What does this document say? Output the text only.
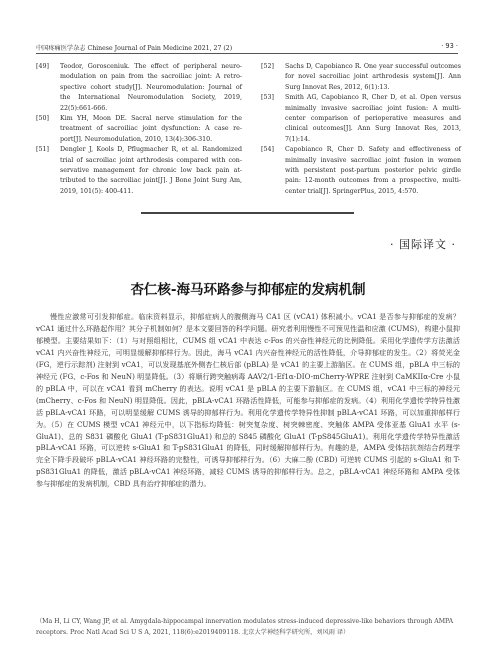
中国疼痛医学杂志 Chinese Journal of Pain Medicine 2021, 27 (2)	· 93 ·
[49]	Teodor, Gorosceniuk. The effect of peripheral neuro-modulation on pain from the sacroiliac joint: A retro-spective cohort study[J]. Neuromodulation: Journal of the International Neuromodulation Society, 2019, 22(5):661-666.
[50]	Kim YH, Moon DE. Sacral nerve stimulation for the treatment of sacroiliac joint dysfunction: A case re-port[J]. Neuromodulation, 2010, 13(4):306-310.
[51]	Dengler J, Kools D, Pflugmacher R, et al. Randomized trial of sacroiliac joint arthrodesis compared with con-servative management for chronic low back pain at-tributed to the sacroiliac joint[J]. J Bone Joint Surg Am, 2019, 101(5): 400-411.
[52]	Sachs D, Capobianco R. One year successful outcomes for novel sacroiliac joint arthrodesis system[J]. Ann Surg Innovat Res, 2012, 6(1):13.
[53]	Smith AG, Capobianco R, Cher D, et al. Open versus minimally invasive sacroiliac joint fusion: A multi-center comparison of perioperative measures and clinical outcomes[J]. Ann Surg Innovat Res, 2013, 7(1):14.
[54]	Capobianco R, Cher D. Safety and effectiveness of minimally invasive sacroiliac joint fusion in women with persistent post-partum posterior pelvic girdle pain: 12-month outcomes from a prospective, multi-center trial[J]. SpringerPlus, 2015, 4:570.
· 国际译文 ·
杏仁核-海马环路参与抑郁症的发病机制
慢性应激常可引发抑郁症。临床资料显示，抑郁症病人的腹侧海马 CA1 区 (vCA1) 体积减小。vCA1 是否参与抑郁症的发病？vCA1 通过什么环路起作用？其分子机制如何？是本文要回答的科学问题。研究者利用慢性不可预见性温和应激 (CUMS)，构建小鼠抑郁模型。主要结果如下：（1）与对照组相比，CUMS 组 vCA1 中表达 c-Fos 的兴奋性神经元的比例降低。采用化学遗传学方法激活 vCA1 内兴奋性神经元，可明显缓解抑郁样行为。因此，海马 vCA1 内兴奋性神经元的活性降低，介导抑郁症的发生。（2）将荧光金 (FG，逆行示踪剂) 注射到 vCA1，可以发现基底外侧杏仁核后部 (pBLA) 是 vCA1 的主要上游脑区。在 CUMS 组，pBLA 中三标的神经元 (FG、c-Fos 和 NeuN) 明显降低。（3）将顺行跨突触病毒 AAV2/1-Ef1α-DIO-mCherry-WPRE 注射到 CaMKIIα-Cre 小鼠的 pBLA 中，可以在 vCA1 看到 mCherry 的表达。说明 vCA1 是 pBLA 的主要下游脑区。在 CUMS 组，vCA1 中三标的神经元 (mCherry、c-Fos 和 NeuN) 明显降低。因此，pBLA-vCA1 环路活性降低，可能参与抑郁症的发病。（4）利用化学遗传学特异性激活 pBLA-vCA1 环路，可以明显缓解 CUMS 诱导的抑郁样行为。利用化学遗传学特异性抑制 pBLA-vCA1 环路，可以加重抑郁样行为。（5）在 CUMS 模型 vCA1 神经元中，以下指标均降低：树突复杂度、树突棘密度、突触体 AMPA 受体亚基 GluA1 水平 (s-GluA1)、总的 S831 磷酸化 GluA1 (T-pS831GluA1) 和总的 S845 磷酸化 GluA1 (T-pS845GluA1)。利用化学遗传学特异性激活 pBLA-vCA1 环路，可以逆转 s-GluA1 和 T-pS831GluA1 的降低，同时缓解抑郁样行为。有趣的是，AMPA 受体拮抗剂结合药理学完全下降手段破坏 pBLA-vCA1 神经环路的完整性，可诱导抑郁样行为。（6）大麻二酚 (CBD) 可逆转 CUMS 引起的 s-GluA1 和 T-pS831GluA1 的降低，激活 pBLA-vCA1 神经环路，减轻 CUMS 诱导的抑郁样行为。总之，pBLA-vCA1 神经环路和 AMPA 受体参与抑郁症的发病机制，CBD 具有治疗抑郁症的潜力。
（Ma H, Li CY, Wang JP, et al. Amygdala-hippocampal innervation modulates stress-induced depressive-like behaviors through AMPA receptors. Proc Natl Acad Sci U S A, 2021, 118(6):e2019409118. 北京大学神经科学研究所，刘风雨 译）
